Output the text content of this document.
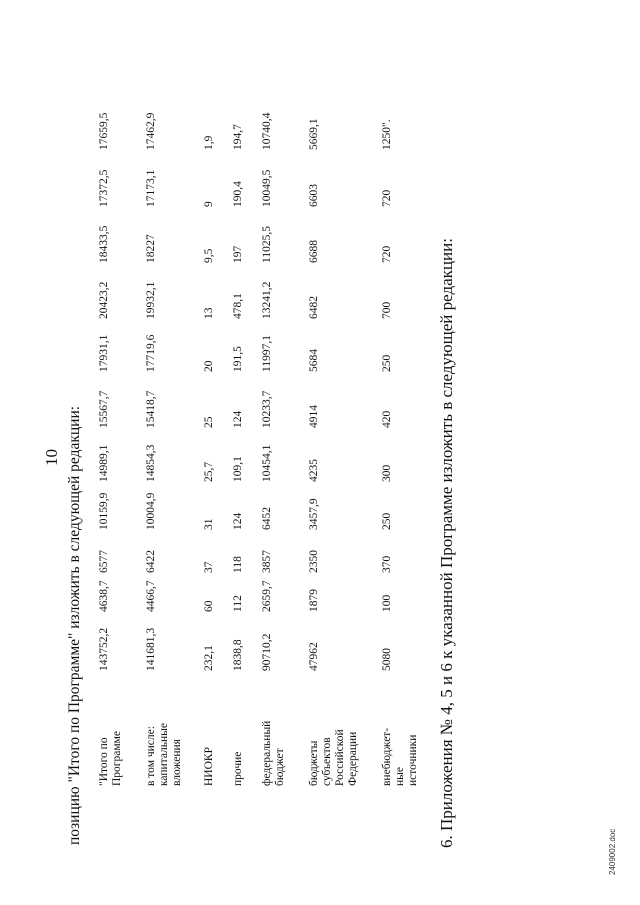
10 позицию "Итого по Программе" изложить в следующей редакции: "Итого по Программе
143752,2
4638,7
6577
10159,9
14989,1
15567,7
17931,1
20423,2
18433,5
17372,5
17659,5
в том числе: капитальные вложения
141681,3
4466,7
6422
10004,9
14854,3
15418,7
17719,6
19932,1
18227
17173,1
17462,9
НИОКР
232,1
60
37
31
25,7
25
20
13
9,5
9
1,9
прочие
1838,8
112
118
124
109,1
124
191,5
478,1
197
190,4
194,7
федеральный бюджет
90710,2
2659,7
3857
6452
10454,1
10233,7
11997,1
13241,2
11025,5
10049,5
10740,4
бюджеты субъектов Российской Федерации
47962
1879
2350
3457,9
4235
4914
5684
6482
6688
6603
5669,1
внебюджет-ные источники
5080
100
370
250
300
420
250
700
720
720
1250".
6. Приложения № 4, 5 и 6 к указанной Программе изложить в следующей редакции:
2409002.doc
